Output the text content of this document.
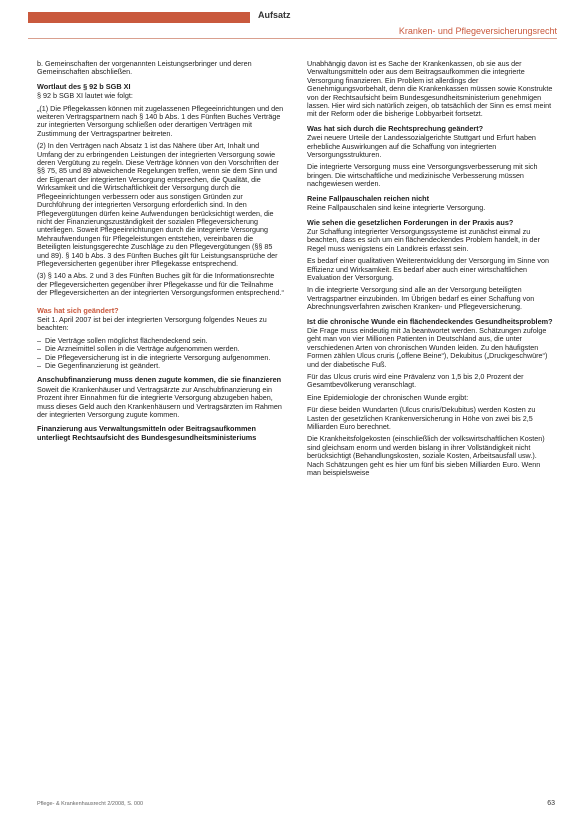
Aufsatz
Kranken- und Pflegeversicherungsrecht

b. Gemeinschaften der vorgenannten Leistungserbringer und deren Gemeinschaften abschließen.

Wortlaut des § 92 b SGB XI

§ 92 b SGB XI lautet wie folgt:

„(1) Die Pflegekassen können mit zugelassenen Pflegeeinrichtungen und den weiteren Vertragspartnern nach § 140 b Abs. 1 des Fünften Buches Verträge zur integrierten Versorgung schließen oder derartigen Verträgen mit Zustimmung der Vertragspartner beitreten.

(2) In den Verträgen nach Absatz 1 ist das Nähere über Art, Inhalt und Umfang der zu erbringenden Leistungen der integrierten Versorgung sowie deren Vergütung zu regeln. Diese Verträge können von den Vorschriften der §§ 75, 85 und 89 abweichende Regelungen treffen, wenn sie dem Sinn und der Eigenart der integrierten Versorgung entsprechen, die Qualität, die Wirksamkeit und die Wirtschaftlichkeit der Versorgung durch die Pflegeeinrichtungen verbessern oder aus sonstigen Gründen zur Durchführung der integrierten Versorgung erforderlich sind. In den Pflegevergütungen dürfen keine Aufwendungen berücksichtigt werden, die nicht der Finanzierungszuständigkeit der sozialen Pflegeversicherung unterliegen. Soweit Pflegeeinrichtungen durch die integrierte Versorgung Mehraufwendungen für Pflegeleistungen entstehen, vereinbaren die Beteiligten leistungsgerechte Zuschläge zu den Pflegevergütungen (§§ 85 und 89). § 140 b Abs. 3 des Fünften Buches gilt für Leistungsansprüche der Pflegeversicherten gegenüber ihrer Pflegekasse entsprechend.

(3) § 140 a Abs. 2 und 3 des Fünften Buches gilt für die Informationsrechte der Pflegeversicherten gegenüber ihrer Pflegekasse und für die Teilnahme der Pflegeversicherten an der integrierten Versorgungsformen entsprechend.“

Was hat sich geändert?

Seit 1. April 2007 ist bei der integrierten Versorgung folgendes Neues zu beachten:

– Die Verträge sollen möglichst flächendeckend sein.
– Die Arzneimittel sollen in die Verträge aufgenommen werden.
– Die Pflegeversicherung ist in die integrierte Versorgung aufgenommen.
– Die Gegenfinanzierung ist geändert.
Anschubfinanzierung muss denen zugute kommen, die sie finanzieren

Soweit die Krankenhäuser und Vertragsärzte zur Anschubfinanzierung ein Prozent ihrer Einnahmen für die integrierte Versorgung abzugeben haben, muss dieses Geld auch den Krankenhäusern und Vertragsärzten im Rahmen der integrierten Versorgung zugute kommen.

Finanzierung aus Verwaltungsmitteln oder Beitragsaufkommen unterliegt Rechtsaufsicht des Bundesgesundheitsministeriums

Unabhängig davon ist es Sache der Krankenkassen, ob sie aus der Verwaltungsmitteln oder aus dem Beitragsaufkommen die integrierte Versorgung finanzieren. Ein Problem ist allerdings der Genehmigungsvorbehalt, denn die Krankenkassen müssen sowie Konstrukte von der Rechtsaufsicht beim Bundesgesundheitsministerium genehmigen lassen. Hier wird sich natürlich zeigen, ob tatsächlich der Sinn es ernst meint mit der Reform oder die bisherige Lobbyarbeit fortsetzt.

Was hat sich durch die Rechtsprechung geändert?

Zwei neuere Urteile der Landessozialgerichte Stuttgart und Erfurt haben erhebliche Auswirkungen auf die Schaffung von integrierten Versorgungsstrukturen.

Die integrierte Versorgung muss eine Versorgungsverbesserung mit sich bringen. Die wirtschaftliche und medizinische Verbesserung müssen nachgewiesen werden.

Reine Fallpauschalen reichen nicht

Reine Fallpauschalen sind keine integrierte Versorgung.

Wie sehen die gesetzlichen Forderungen in der Praxis aus?

Zur Schaffung integrierter Versorgungssysteme ist zunächst einmal zu beachten, dass es sich um ein flächendeckendes Problem handelt, in der Regel muss wenigstens ein Landkreis erfasst sein.

Es bedarf einer qualitativen Weiterentwicklung der Versorgung im Sinne von Effizienz und Wirksamkeit. Es bedarf aber auch einer wirtschaftlichen Evaluation der Versorgung.

In die integrierte Versorgung sind alle an der Versorgung beteiligten Vertragspartner einzubinden. Im Übrigen bedarf es einer Schaffung von Abrechnungsverfahren zwischen Kranken- und Pflegeversicherung.

Ist die chronische Wunde ein flächendeckendes Gesundheitsproblem?

Die Frage muss eindeutig mit Ja beantwortet werden. Schätzungen zufolge geht man von vier Millionen Patienten in Deutschland aus, die unter verschiedenen Arten von chronischen Wunden leiden. Zu den häufigsten Formen zählen Ulcus cruris („offene Beine“), Dekubitus („Druckgeschwüre“) und der diabetische Fuß.

Für das Ulcus cruris wird eine Prävalenz von 1,5 bis 2,0 Prozent der Gesamtbevölkerung veranschlagt.

Eine Epidemiologie der chronischen Wunde ergibt:

Für diese beiden Wundarten (Ulcus cruris/Dekubitus) werden Kosten zu Lasten der gesetzlichen Krankenversicherung in Höhe von zwei bis 2,5 Milliarden Euro berechnet.

Die Krankheitsfolgekosten (einschließlich der volkswirtschaftlichen Kosten) sind gleichsam enorm und werden bislang in ihrer Vollständigkeit nicht berücksichtigt (Behandlungskosten, soziale Kosten, Arbeitsausfall usw.). Nach Schätzungen geht es hier um fünf bis sieben Milliarden Euro. Wenn man beispielsweise

Pflege- & Krankenhausrecht 2/2008, S. 000	63
